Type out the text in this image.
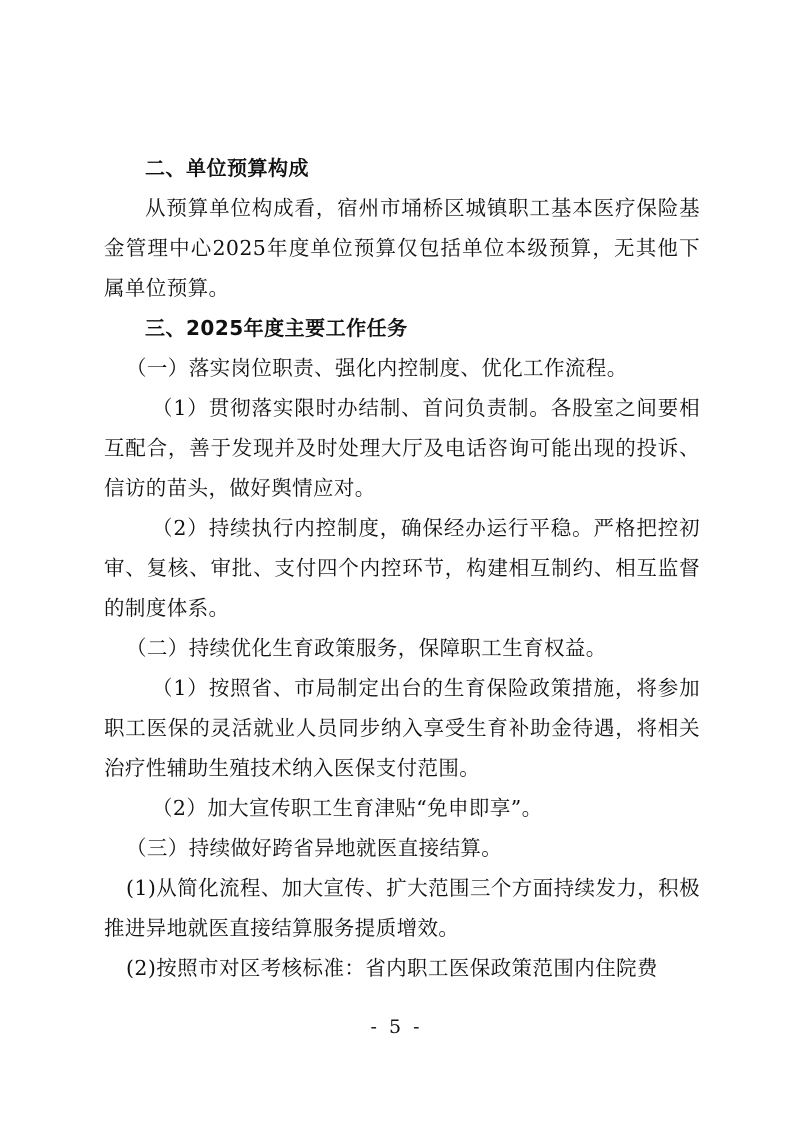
二、单位预算构成

从预算单位构成看，宿州市埇桥区城镇职工基本医疗保险基金管理中心2025年度单位预算仅包括单位本级预算，无其他下属单位预算。

三、2025年度主要工作任务

（一）落实岗位职责、强化内控制度、优化工作流程。

（1）贯彻落实限时办结制、首问负责制。各股室之间要相互配合，善于发现并及时处理大厅及电话咨询可能出现的投诉、信访的苗头，做好舆情应对。

（2）持续执行内控制度，确保经办运行平稳。严格把控初审、复核、审批、支付四个内控环节，构建相互制约、相互监督的制度体系。

（二）持续优化生育政策服务，保障职工生育权益。

（1）按照省、市局制定出台的生育保险政策措施，将参加职工医保的灵活就业人员同步纳入享受生育补助金待遇，将相关治疗性辅助生殖技术纳入医保支付范围。

（2）加大宣传职工生育津贴“免申即享”。

（三）持续做好跨省异地就医直接结算。

(1)从简化流程、加大宣传、扩大范围三个方面持续发力，积极推进异地就医直接结算服务提质增效。

(2)按照市对区考核标准：省内职工医保政策范围内住院费

- 5 -
